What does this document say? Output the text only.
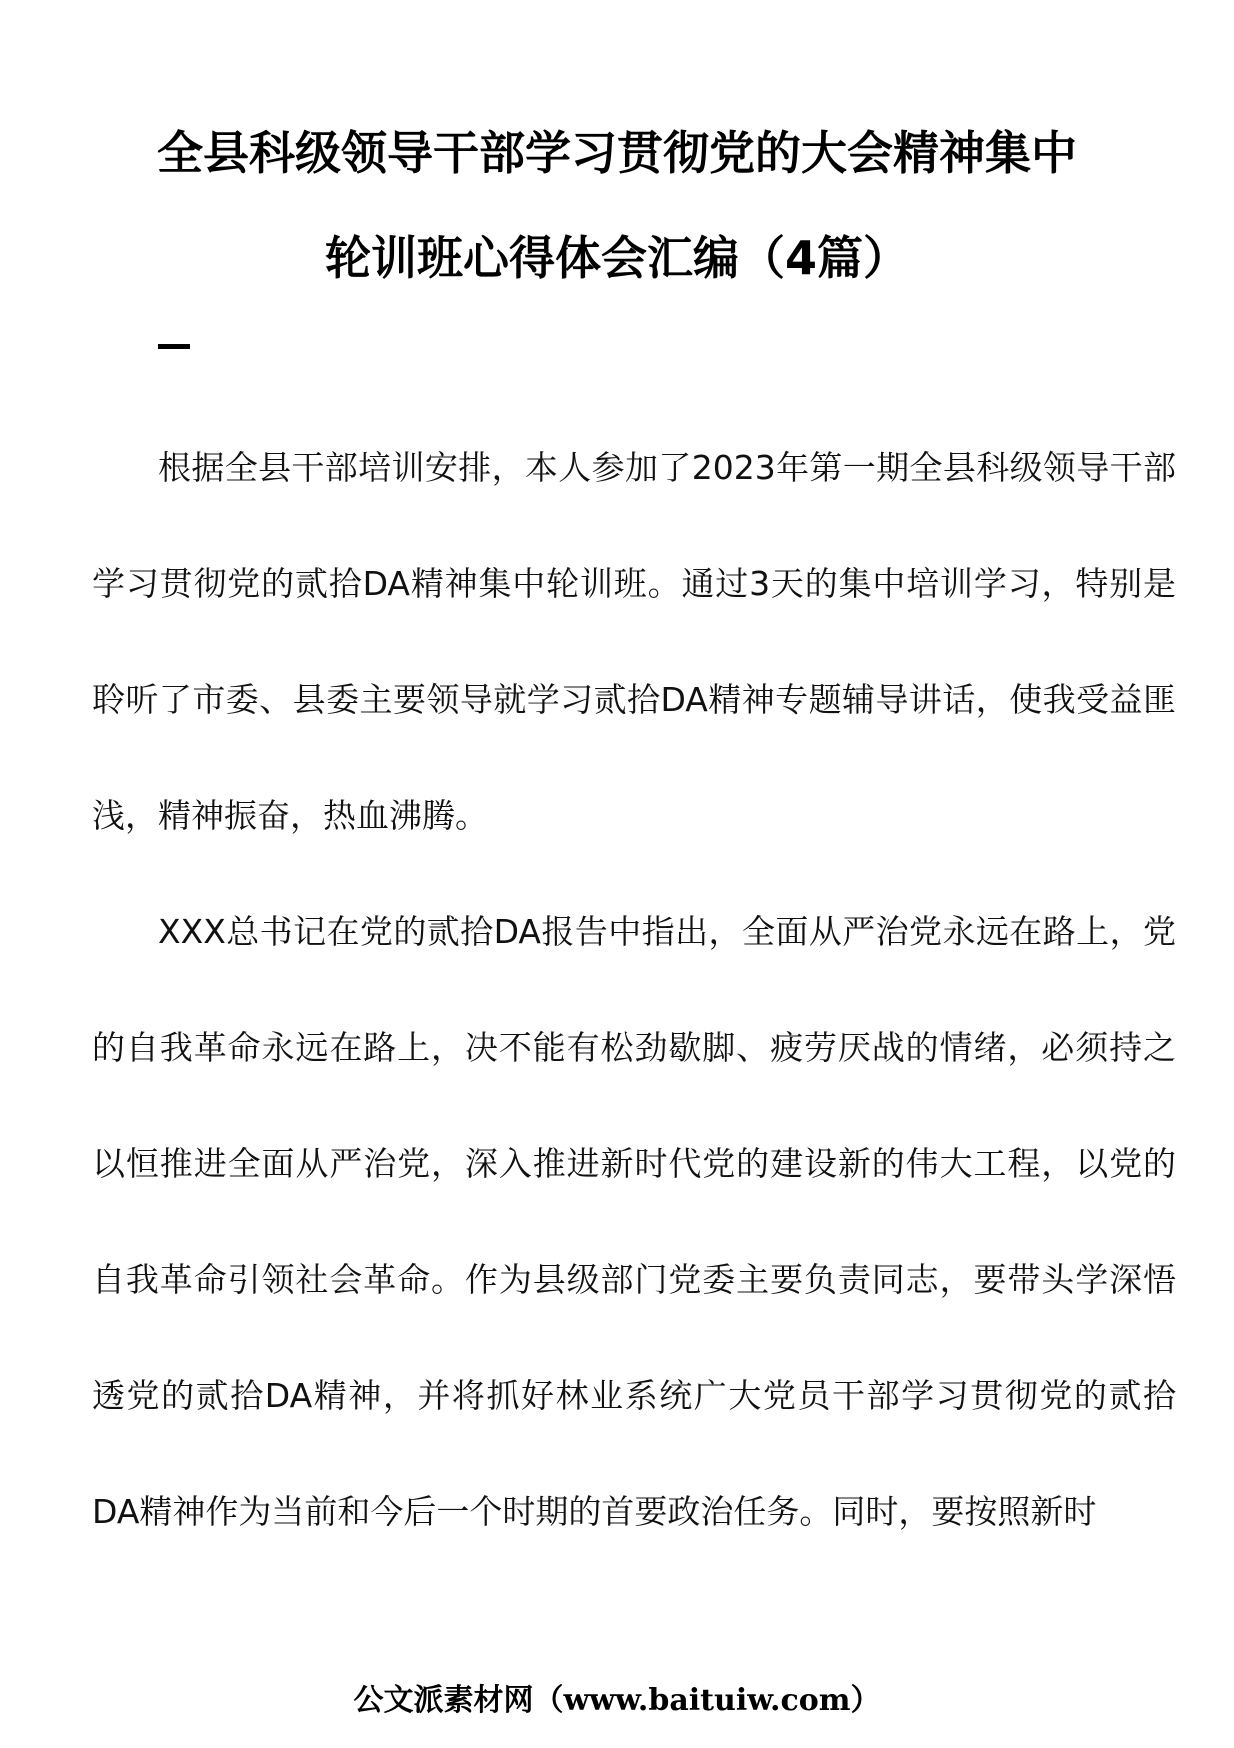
全县科级领导干部学习贯彻党的大会精神集中
轮训班心得体会汇编（4篇）

根据全县干部培训安排，本人参加了2023年第一期全县科级领导干部学习贯彻党的贰拾DA精神集中轮训班。通过3天的集中培训学习，特别是聆听了市委、县委主要领导就学习贰拾DA精神专题辅导讲话，使我受益匪浅，精神振奋，热血沸腾。

XXX总书记在党的贰拾DA报告中指出，全面从严治党永远在路上，党的自我革命永远在路上，决不能有松劲歇脚、疲劳厌战的情绪，必须持之以恒推进全面从严治党，深入推进新时代党的建设新的伟大工程，以党的自我革命引领社会革命。作为县级部门党委主要负责同志，要带头学深悟透党的贰拾DA精神，并将抓好林业系统广大党员干部学习贯彻党的贰拾DA精神作为当前和今后一个时期的首要政治任务。同时，要按照新时

公文派素材网（www.baituiw.com）
